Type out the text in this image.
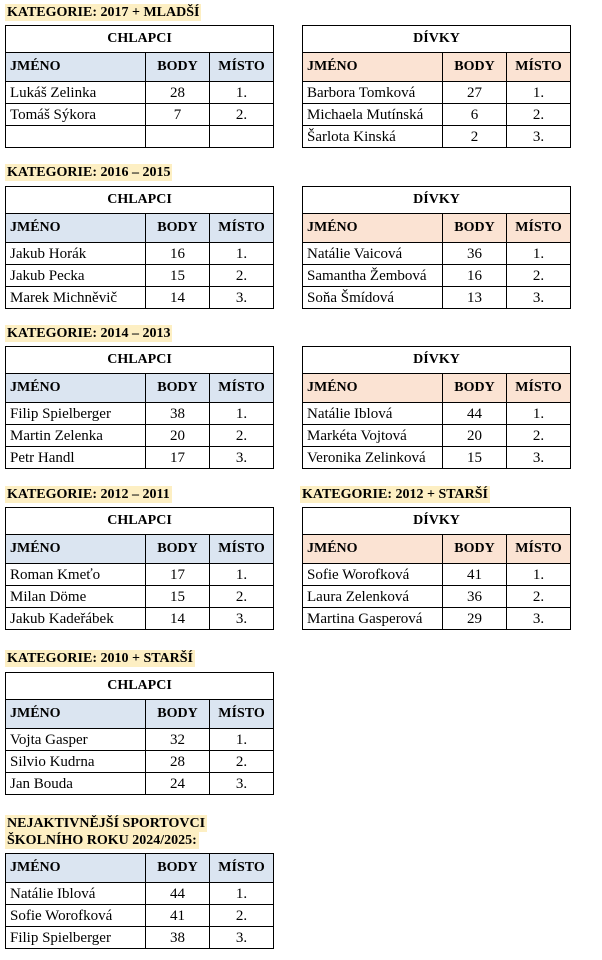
KATEGORIE: 2017 + MLADŠÍ
CHLAPCI		
JMÉNO	BODY	MÍSTO
Lukáš Zelinka	28	1.
Tomáš Sýkora	7	2.

DÍVKY		
JMÉNO	BODY	MÍSTO
Barbora Tomková	27	1.
Michaela Mutínská	6	2.
Šarlota Kinská	2	3.
KATEGORIE: 2016 – 2015
CHLAPCI		
JMÉNO	BODY	MÍSTO
Jakub Horák	16	1.
Jakub Pecka	15	2.
Marek Michněvič	14	3.
DÍVKY		
JMÉNO	BODY	MÍSTO
Natálie Vaicová	36	1.
Samantha Žembová	16	2.
Soňa Šmídová	13	3.
KATEGORIE: 2014 – 2013
CHLAPCI		
JMÉNO	BODY	MÍSTO
Filip Spielberger	38	1.
Martin Zelenka	20	2.
Petr Handl	17	3.
DÍVKY		
JMÉNO	BODY	MÍSTO
Natálie Iblová	44	1.
Markéta Vojtová	20	2.
Veronika Zelinková	15	3.
KATEGORIE: 2012 – 2011	KATEGORIE: 2012 + STARŠÍ
CHLAPCI		
JMÉNO	BODY	MÍSTO
Roman Kmeťo	17	1.
Milan Döme	15	2.
Jakub Kadeřábek	14	3.
DÍVKY		
JMÉNO	BODY	MÍSTO
Sofie Worofková	41	1.
Laura Zelenková	36	2.
Martina Gasperová	29	3.
KATEGORIE: 2010 + STARŠÍ
CHLAPCI		
JMÉNO	BODY	MÍSTO
Vojta Gasper	32	1.
Silvio Kudrna	28	2.
Jan Bouda	24	3.
NEJAKTIVNĚJŠÍ SPORTOVCI
ŠKOLNÍHO ROKU 2024/2025:
JMÉNO	BODY	MÍSTO
Natálie Iblová	44	1.
Sofie Worofková	41	2.
Filip Spielberger	38	3.
